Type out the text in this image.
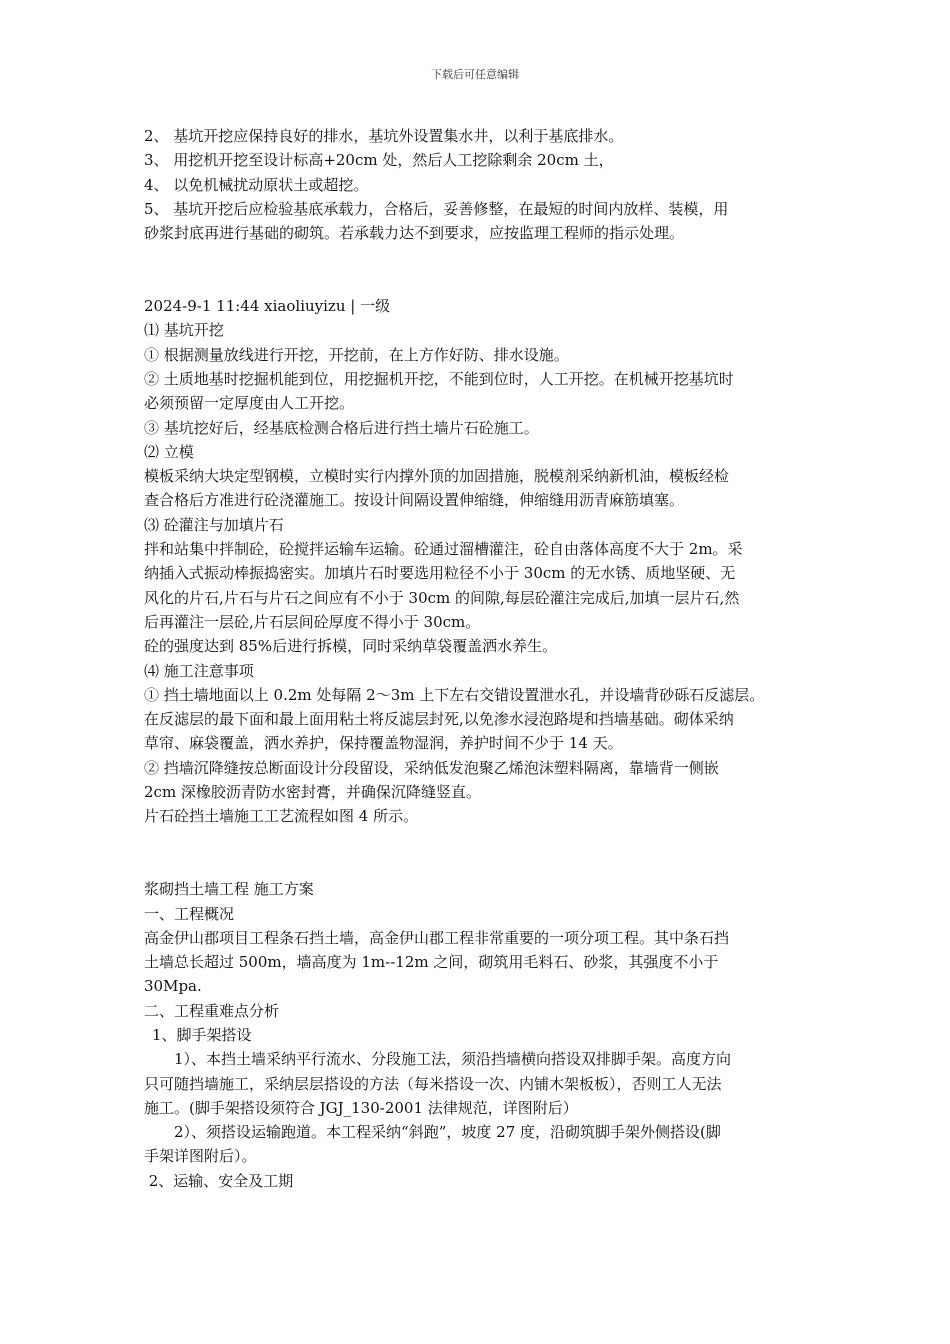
下载后可任意编辑
2、 基坑开挖应保持良好的排水，基坑外设置集水井，以利于基底排水。
3、 用挖机开挖至设计标高+20cm 处，然后人工挖除剩余 20cm 土，
4、 以免机械扰动原状土或超挖。
5、 基坑开挖后应检验基底承载力，合格后，妥善修整，在最短的时间内放样、装模，用
砂浆封底再进行基础的砌筑。若承载力达不到要求，应按监理工程师的指示处理。
2024-9-1 11:44 xiaoliuyizu | 一级
⑴ 基坑开挖
① 根据测量放线进行开挖，开挖前，在上方作好防、排水设施。
② 土质地基时挖掘机能到位，用挖掘机开挖，不能到位时，人工开挖。在机械开挖基坑时
必须预留一定厚度由人工开挖。
③ 基坑挖好后，经基底检测合格后进行挡土墙片石砼施工。
⑵ 立模
模板采纳大块定型钢模，立模时实行内撑外顶的加固措施，脱模剂采纳新机油，模板经检
查合格后方准进行砼浇灌施工。按设计间隔设置伸缩缝，伸缩缝用沥青麻筋填塞。
⑶ 砼灌注与加填片石
拌和站集中拌制砼，砼搅拌运输车运输。砼通过溜槽灌注，砼自由落体高度不大于 2m。采
纳插入式振动棒振捣密实。加填片石时要选用粒径不小于 30cm 的无水锈、质地坚硬、无
风化的片石,片石与片石之间应有不小于 30cm 的间隙,每层砼灌注完成后,加填一层片石,然
后再灌注一层砼,片石层间砼厚度不得小于 30cm。
砼的强度达到 85%后进行拆模，同时采纳草袋覆盖洒水养生。
⑷ 施工注意事项
① 挡土墙地面以上 0.2m 处每隔 2～3m 上下左右交错设置泄水孔，并设墙背砂砾石反滤层。
在反滤层的最下面和最上面用粘土将反滤层封死,以免渗水浸泡路堤和挡墙基础。砌体采纳
草帘、麻袋覆盖，洒水养护，保持覆盖物湿润，养护时间不少于 14 天。
② 挡墙沉降缝按总断面设计分段留设，采纳低发泡聚乙烯泡沫塑料隔离，靠墙背一侧嵌
2cm 深橡胶沥青防水密封膏，并确保沉降缝竖直。
片石砼挡土墙施工工艺流程如图 4 所示。
浆砌挡土墙工程 施工方案
一、工程概况
高金伊山郡项目工程条石挡土墙，高金伊山郡工程非常重要的一项分项工程。其中条石挡
土墙总长超过 500m，墙高度为 1m--12m 之间，砌筑用毛料石、砂浆，其强度不小于
30Mpa.
二、工程重难点分析
1、脚手架搭设
1）、本挡土墙采纳平行流水、分段施工法，须沿挡墙横向搭设双排脚手架。高度方向
只可随挡墙施工，采纳层层搭设的方法（每米搭设一次、内铺木架板板），否则工人无法
施工。(脚手架搭设须符合 JGJ_130-2001 法律规范，详图附后）
2）、须搭设运输跑道。本工程采纳“斜跑”，坡度 27 度，沿砌筑脚手架外侧搭设(脚
手架详图附后）。
2、运输、安全及工期
